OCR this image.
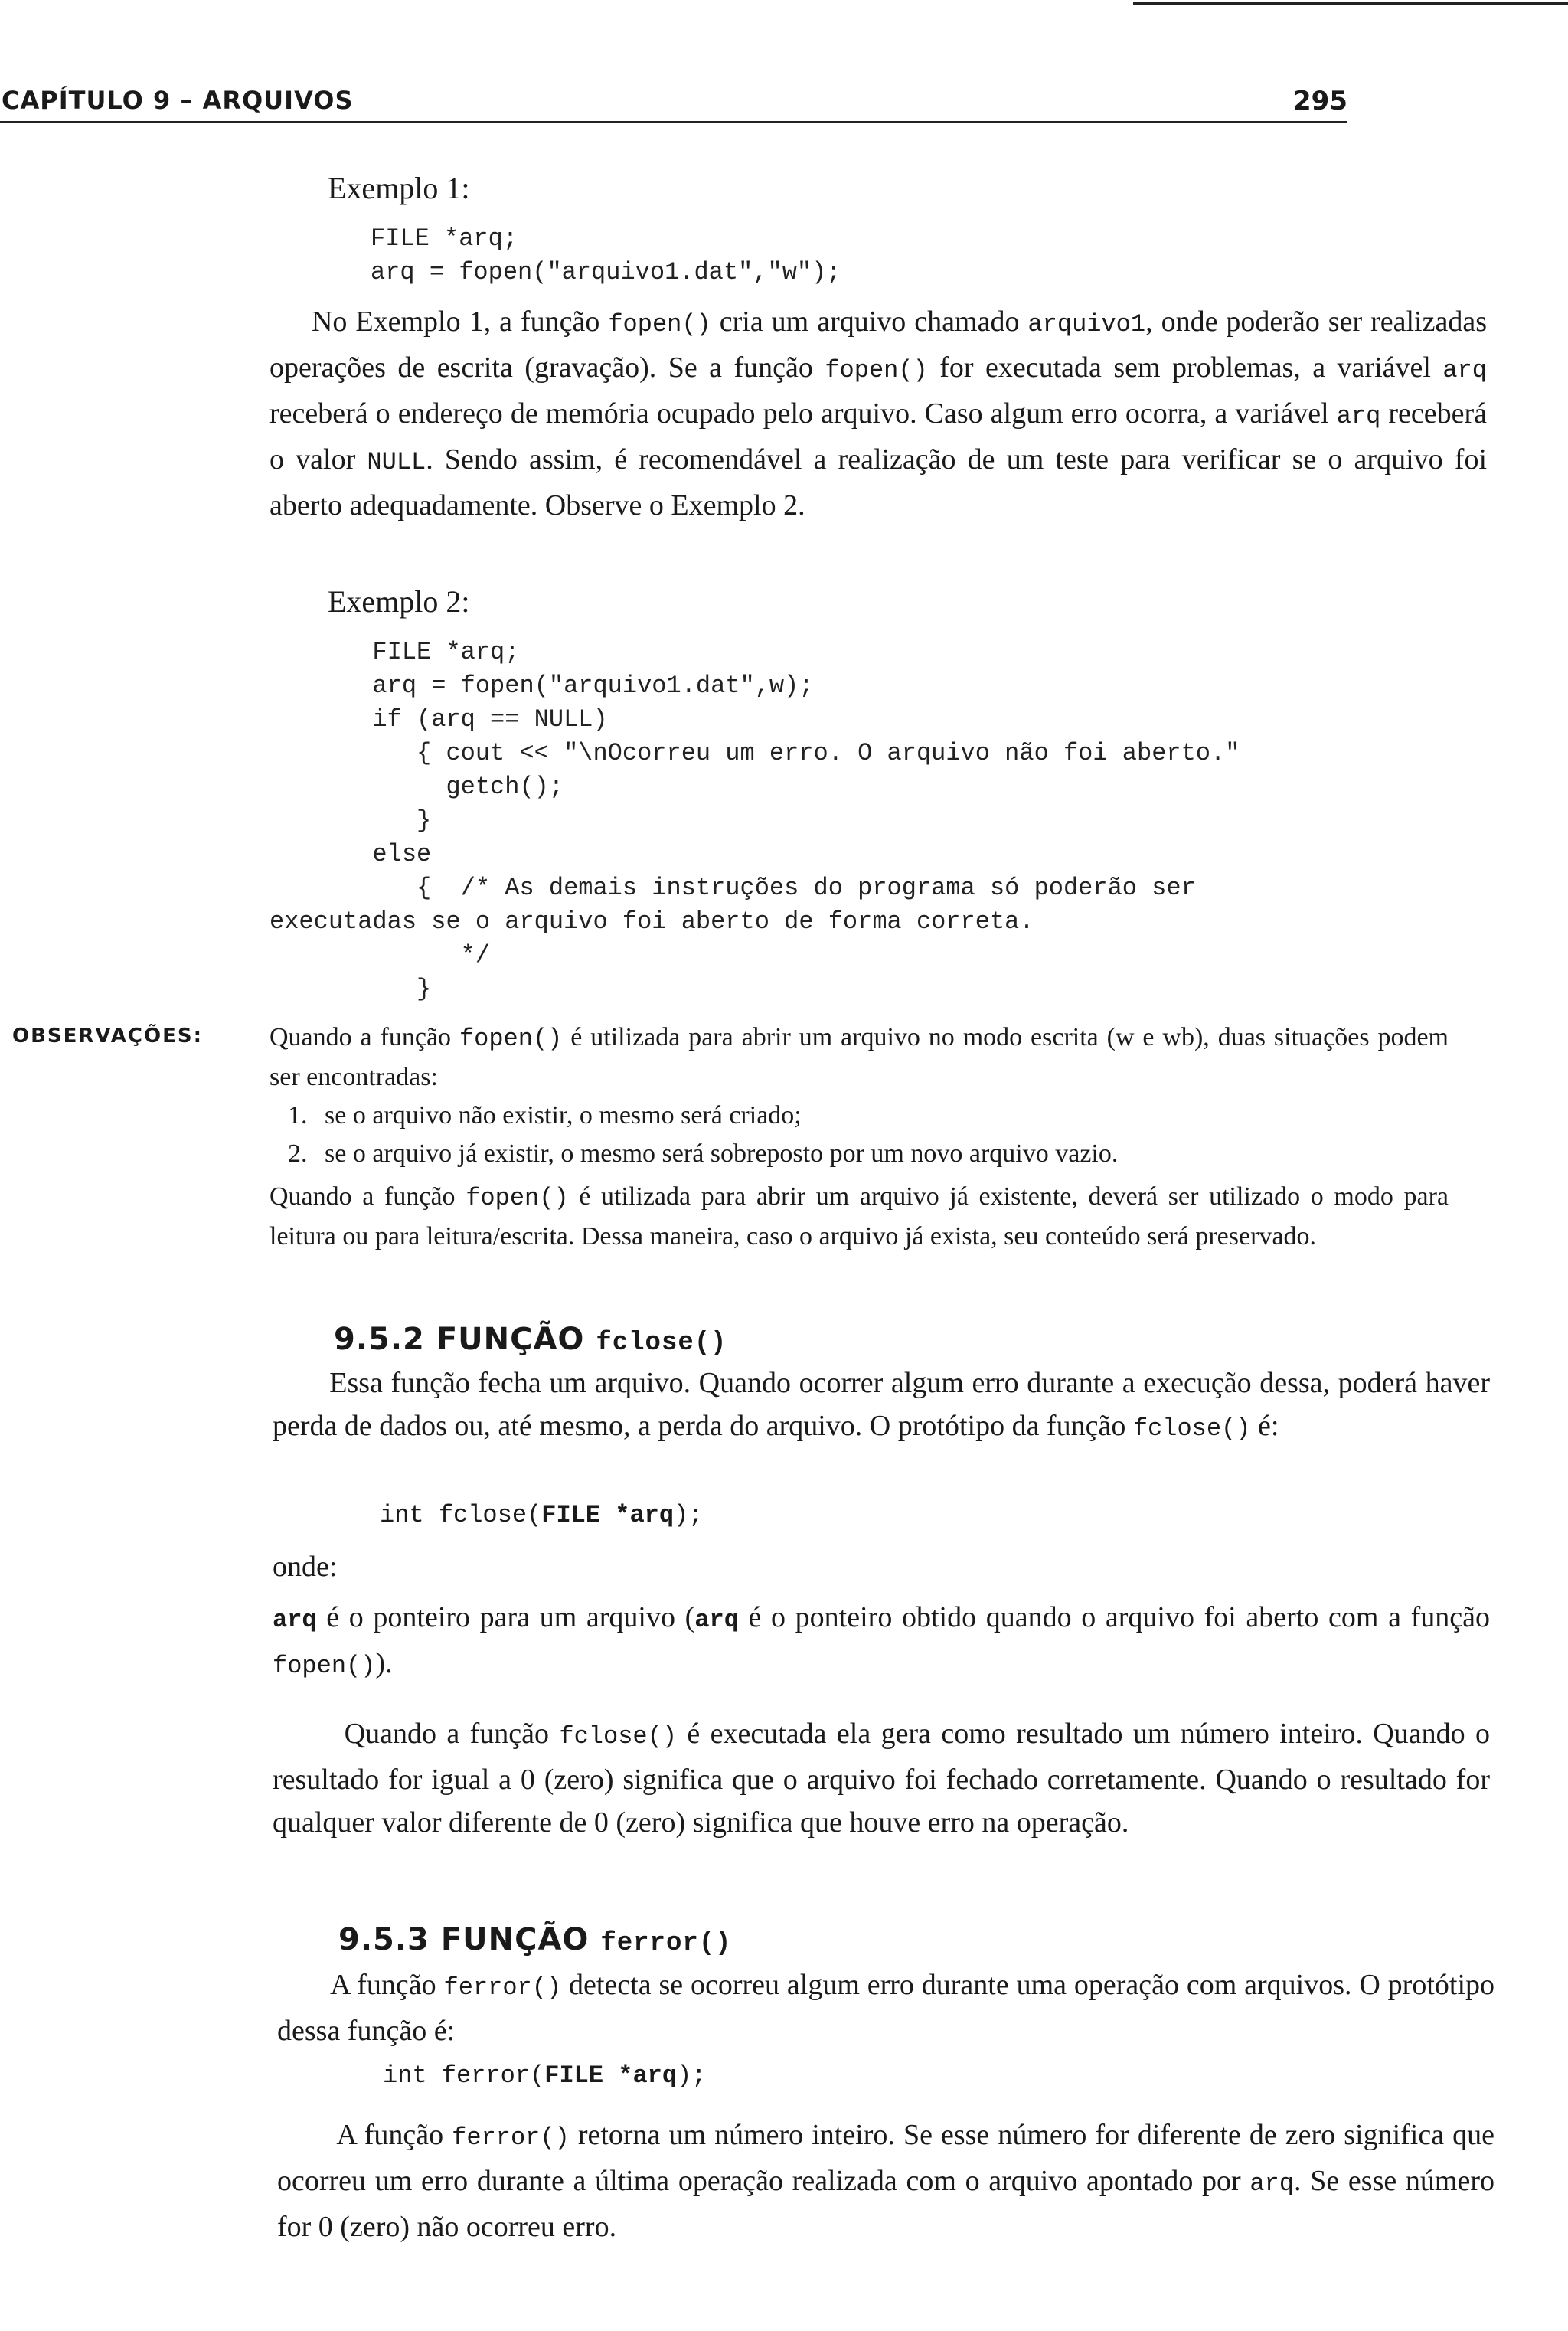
CAPÍTULO 9 – ARQUIVOS	295
Exemplo 1:
FILE *arq;
arq = fopen("arquivo1.dat","w");

No Exemplo 1, a função fopen() cria um arquivo chamado arquivo1, onde poderão ser realizadas operações de escrita (gravação). Se a função fopen() for executada sem problemas, a variável arq receberá o endereço de memória ocupado pelo arquivo. Caso algum erro ocorra, a variável arq receberá o valor NULL. Sendo assim, é recomendável a realização de um teste para verificar se o arquivo foi aberto adequadamente. Observe o Exemplo 2.

Exemplo 2:
FILE *arq;
arq = fopen("arquivo1.dat",w);
if (arq == NULL)
{ cout << "\nOcorreu um erro. O arquivo não foi aberto."
getch();
}
else
{  /* As demais instruções do programa só poderão ser
executadas se o arquivo foi aberto de forma correta.
*/
}
OBSERVAÇÕES:	Quando a função fopen() é utilizada para abrir um arquivo no modo escrita (w e wb), duas situações podem ser encontradas:

1. se o arquivo não existir, o mesmo será criado;
2. se o arquivo já existir, o mesmo será sobreposto por um novo arquivo vazio.

Quando a função fopen() é utilizada para abrir um arquivo já existente, deverá ser utilizado o modo para leitura ou para leitura/escrita. Dessa maneira, caso o arquivo já exista, seu conteúdo será preservado.

9.5.2 FUNÇÃO fclose()

Essa função fecha um arquivo. Quando ocorrer algum erro durante a execução dessa, poderá haver perda de dados ou, até mesmo, a perda do arquivo. O protótipo da função fclose() é:

int fclose(FILE *arq);
onde:

arq é o ponteiro para um arquivo (arq é o ponteiro obtido quando o arquivo foi aberto com a função fopen()).

Quando a função fclose() é executada ela gera como resultado um número inteiro. Quando o resultado for igual a 0 (zero) significa que o arquivo foi fechado corretamente. Quando o resultado for qualquer valor diferente de 0 (zero) significa que houve erro na operação.

9.5.3 FUNÇÃO ferror()

A função ferror() detecta se ocorreu algum erro durante uma operação com arquivos. O protótipo dessa função é:

int ferror(FILE *arq);

A função ferror() retorna um número inteiro. Se esse número for diferente de zero significa que ocorreu um erro durante a última operação realizada com o arquivo apontado por arq. Se esse número for 0 (zero) não ocorreu erro.
